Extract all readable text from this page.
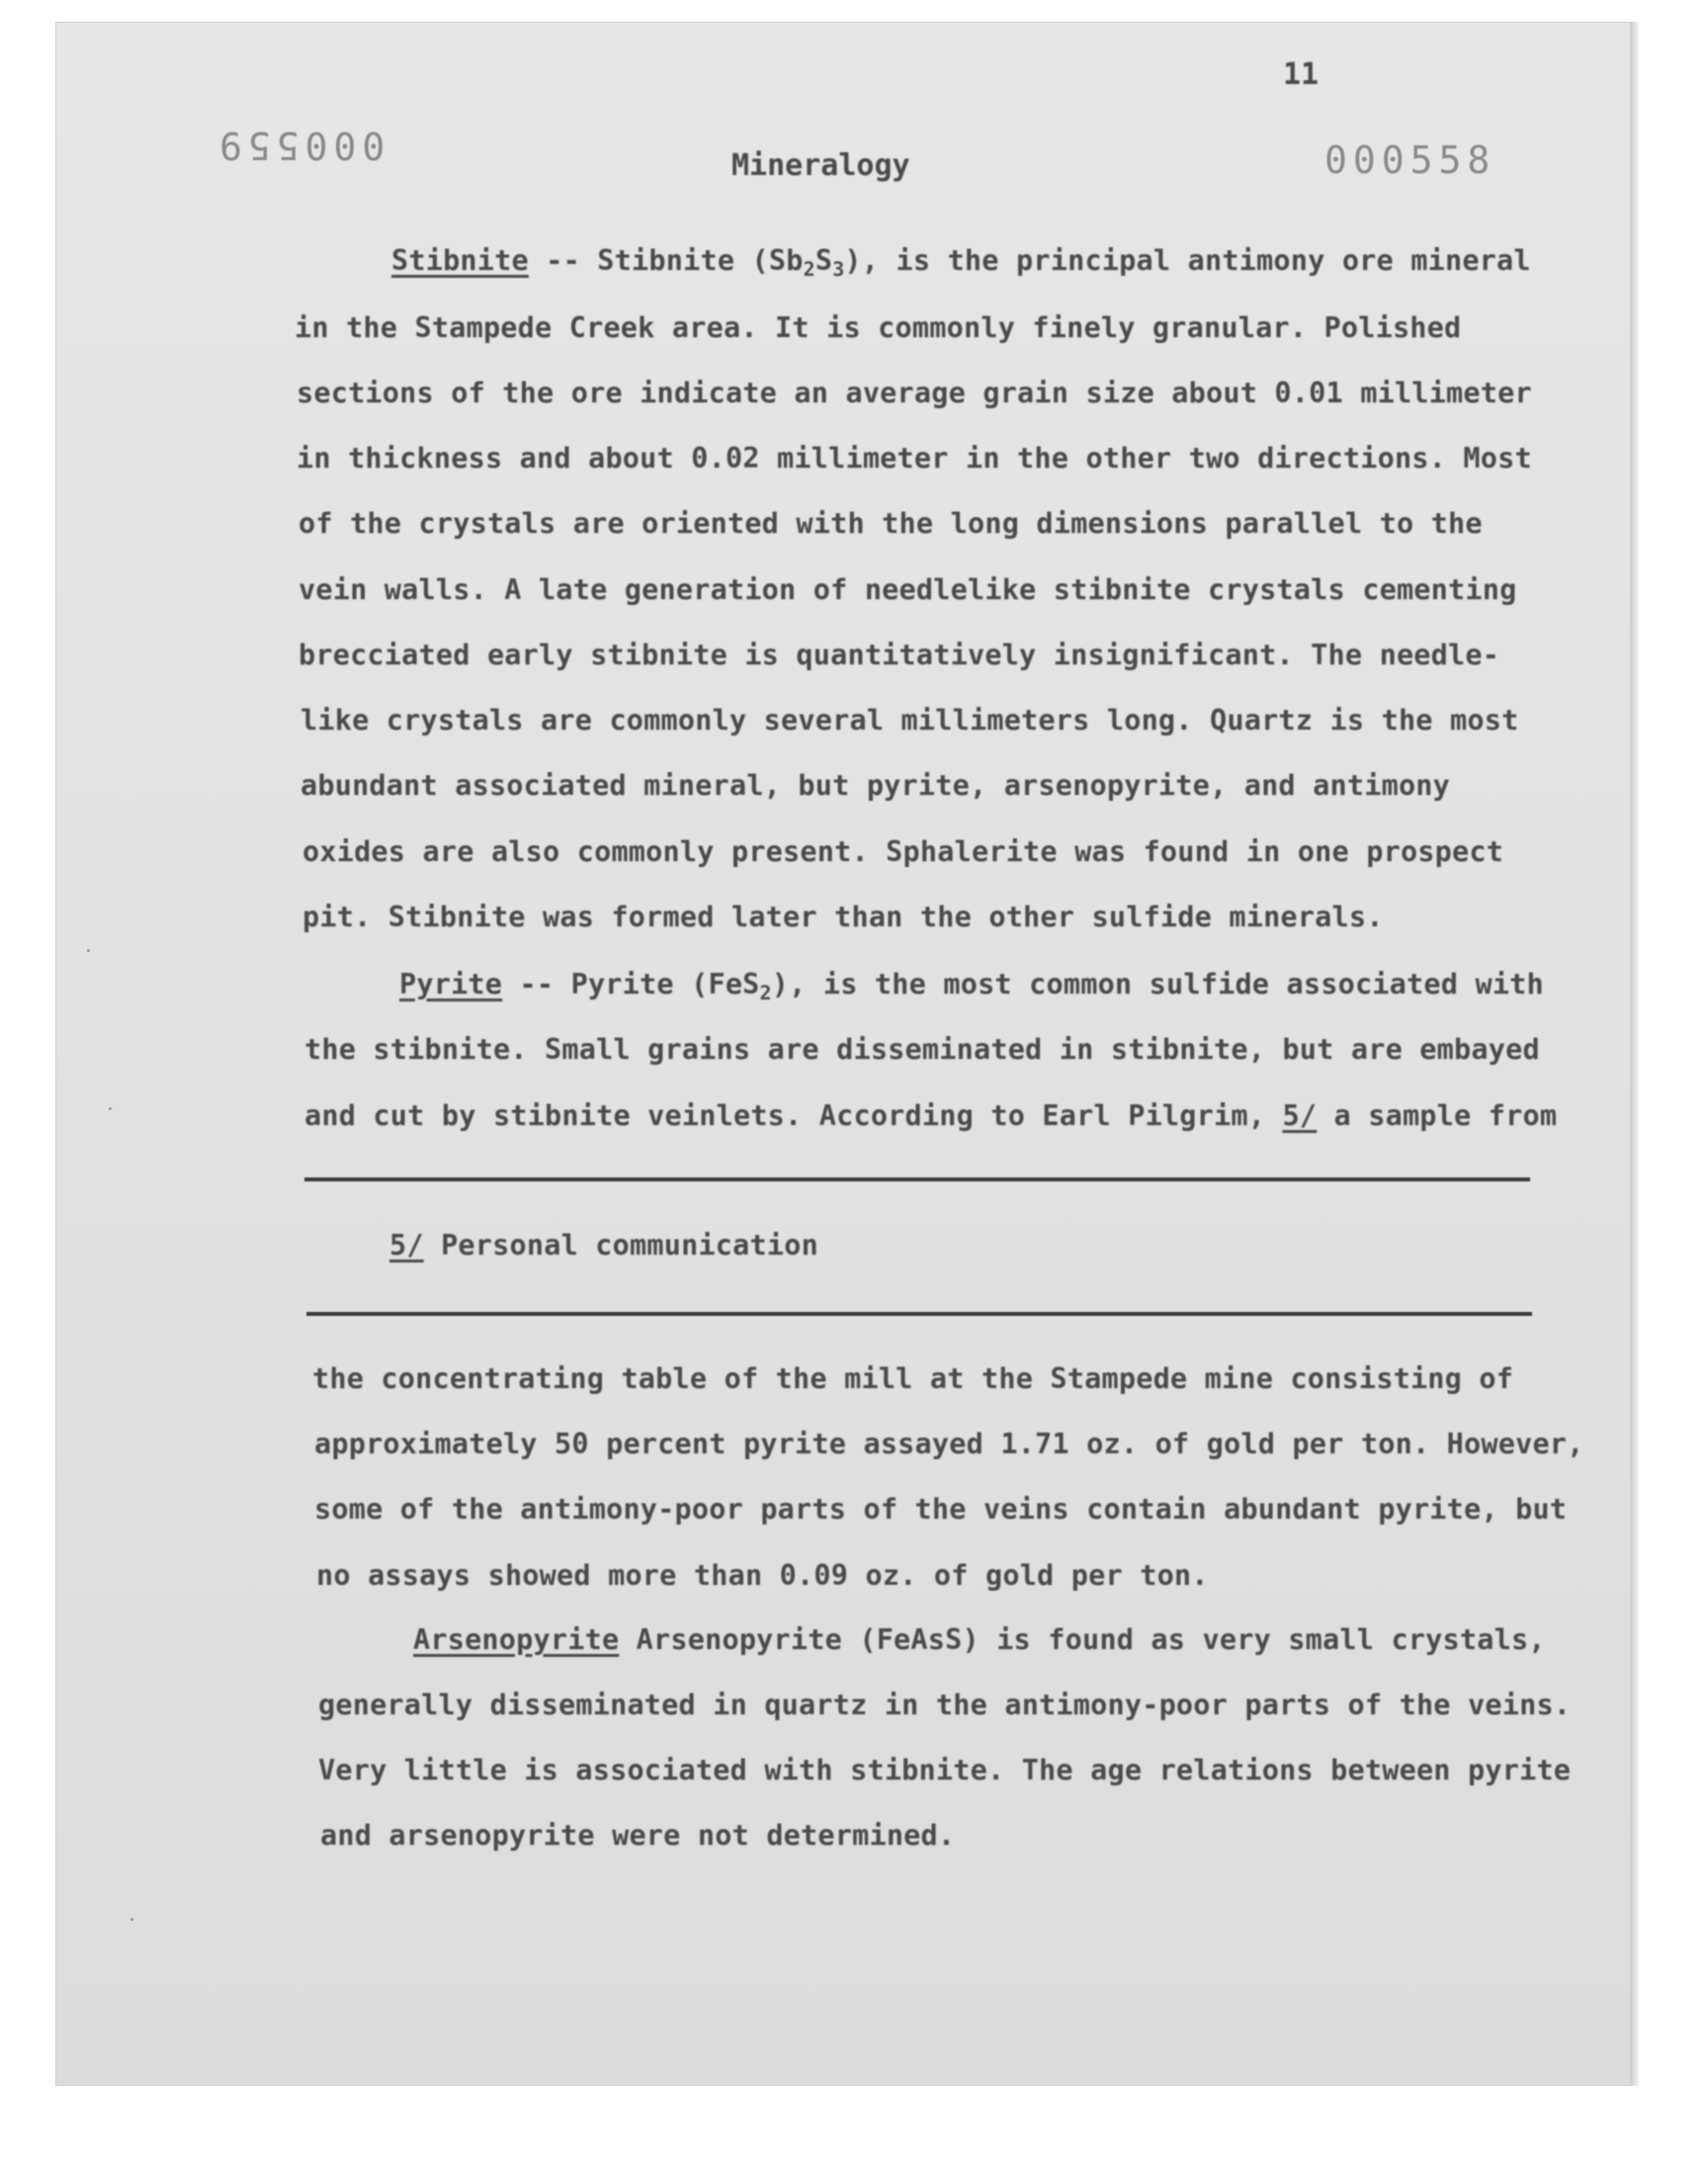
11

000559	000558

Mineralogy

Stibnite -- Stibnite $(Sb_2S_3)$, is the principal antimony ore mineral

in the Stampede Creek area. It is commonly finely granular. Polished

sections of the ore indicate an average grain size about 0.01 millimeter

in thickness and about 0.02 millimeter in the other two directions. Most

of the crystals are oriented with the long dimensions parallel to the

vein walls. A late generation of needlelike stibnite crystals cementing

brecciated early stibnite is quantitatively insignificant. The needle-

like crystals are commonly several millimeters long. Quartz is the most

abundant associated mineral, but pyrite, arsenopyrite, and antimony

oxides are also commonly present. Sphalerite was found in one prospect

pit. Stibnite was formed later than the other sulfide minerals.

Pyrite -- Pyrite (FeS$_2$), is the most common sulfide associated with

the stibnite. Small grains are disseminated in stibnite, but are embayed

and cut by stibnite veinlets. According to Earl Pilgrim, 5/ a sample from

5/ Personal communication

the concentrating table of the mill at the Stampede mine consisting of

approximately 50 percent pyrite assayed 1.71 oz. of gold per ton. However,

some of the antimony-poor parts of the veins contain abundant pyrite, but

no assays showed more than 0.09 oz. of gold per ton.

Arsenopyrite Arsenopyrite (FeAsS) is found as very small crystals,

generally disseminated in quartz in the antimony-poor parts of the veins.

Very little is associated with stibnite. The age relations between pyrite

and arsenopyrite were not determined.
